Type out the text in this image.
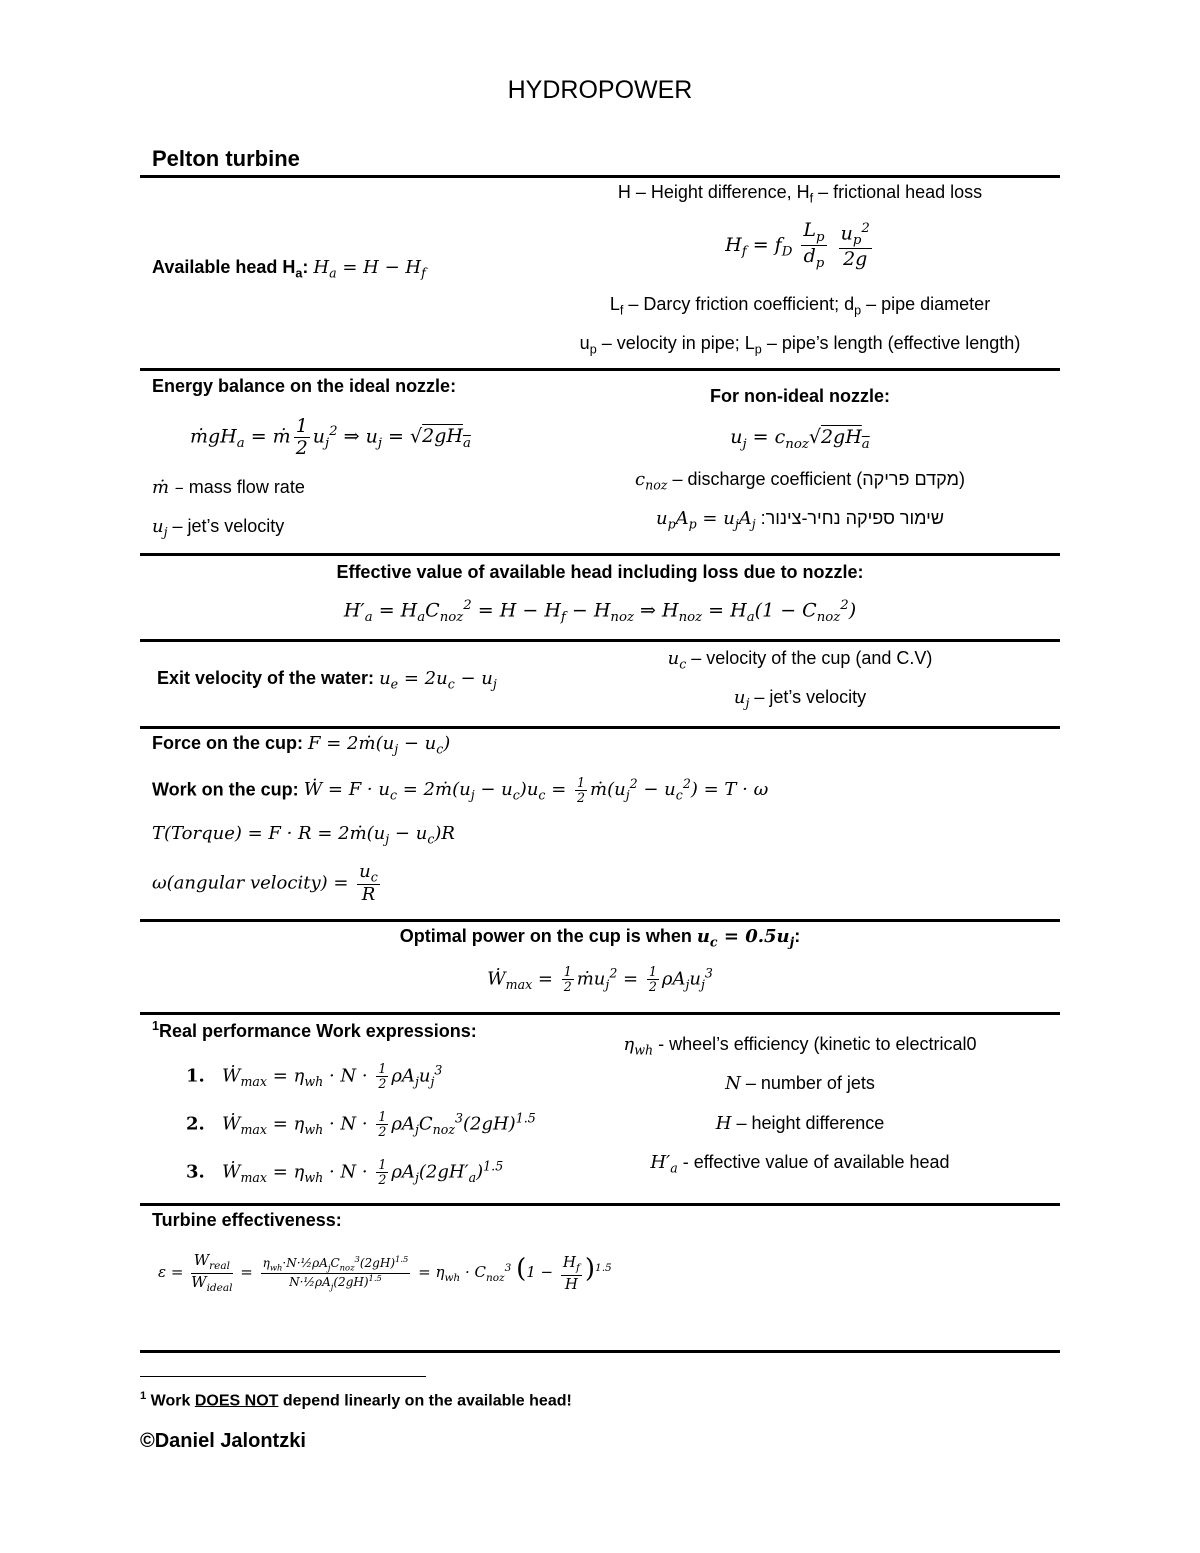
HYDROPOWER
Pelton turbine
Available head $H_a$: $H_a = H - H_f$
H – Height difference, $H_f$ – frictional head loss
$H_f = f_D \frac{L_p}{d_p}$
$\frac{u_p^2}{2g}$
$L_f$ – Darcy friction coefficient; $d_p$ – pipe diameter
$u_p$ – velocity in pipe; $L_p$ – pipe’s length (effective length)
Energy balance on the ideal nozzle:
ṁgH$_a$ = ṁ $\frac{1}{2} u_j^2$ ⇒ $u_j = √2gH_a$
ṁ – mass flow rate
$u_j$ – jet’s velocity
For non-ideal nozzle:
$u_j = c_{noz}√2gH_a$
$c_{noz}$ – discharge coefficient (מקדם פריקה)
$u_pA_p = u_jA_j$ שימור ספיקה נחיר-צינור:
Effective value of available head including loss due to nozzle:
$H'_a = H_aC_{noz}^2 = H - H_f - H_{noz}$ ⇒ $H_{noz} = H_a(1 - C_{noz}^2)$
Exit velocity of the water: $u_e = 2u_c - u_j$
$u_c$ – velocity of the cup (and C.V)
$u_j$ – jet’s velocity
Force on the cup: $F = 2ṁ(u_j - u_c)$
Work on the cup: Ẇ = $F \cdot u_c$ = $2ṁ(u_j - u_c)u_c = \frac{1}{2}$ $ṁ(u_j^2 - u_c^2) = T \cdot \omega$
T(Torque) = $F \cdot R = 2ṁ(u_j - u_c)R$
ω(angular velocity) = $\frac{u_c}{R}$
Optimal power on the cup is when $u_c = 0.5u_j$:
Ẇ$_{max}$ = $\frac{1}{2}$ ṁu$_j^2$ = $\frac{1}{2} \rho A_ju_j^3$
$^1$Real performance Work expressions:
1.   Ẇ$_{max}$ = $\eta_{wh} \cdot N \cdot \frac{1}{2} \rho A_ju_j^3$
2.   Ẇ$_{max}$ = $\eta_{wh} \cdot N \cdot \frac{1}{2} \rho A_jC_{noz}^3(2gH)^{1.5}$
3.   Ẇ$_{max}$ = $\eta_{wh} \cdot N \cdot \frac{1}{2} \rho A_j(2gH'_a)^{1.5}$
$\eta_{wh}$ - wheel’s efficiency (kinetic to electrical0
N – number of jets
H – height difference
$H'_a$ - effective value of available head
Turbine effectiveness:
$\varepsilon = \frac{W_{real}}{W_{ideal}} = \frac{\eta_{wh}\cdot N\cdot\frac{1}{2}\rho A_jC_{noz}^3(2gH)^{1.5}}{N\cdot\frac{1}{2}\rho A_j(2gH)^{1.5}} = \eta_{wh} \cdot C_{noz}^3$ $(1 - \frac{H_f}{H} )^{1.5}$
$^1$ Work DOES NOT depend linearly on the available head!
©Daniel Jalontzki
